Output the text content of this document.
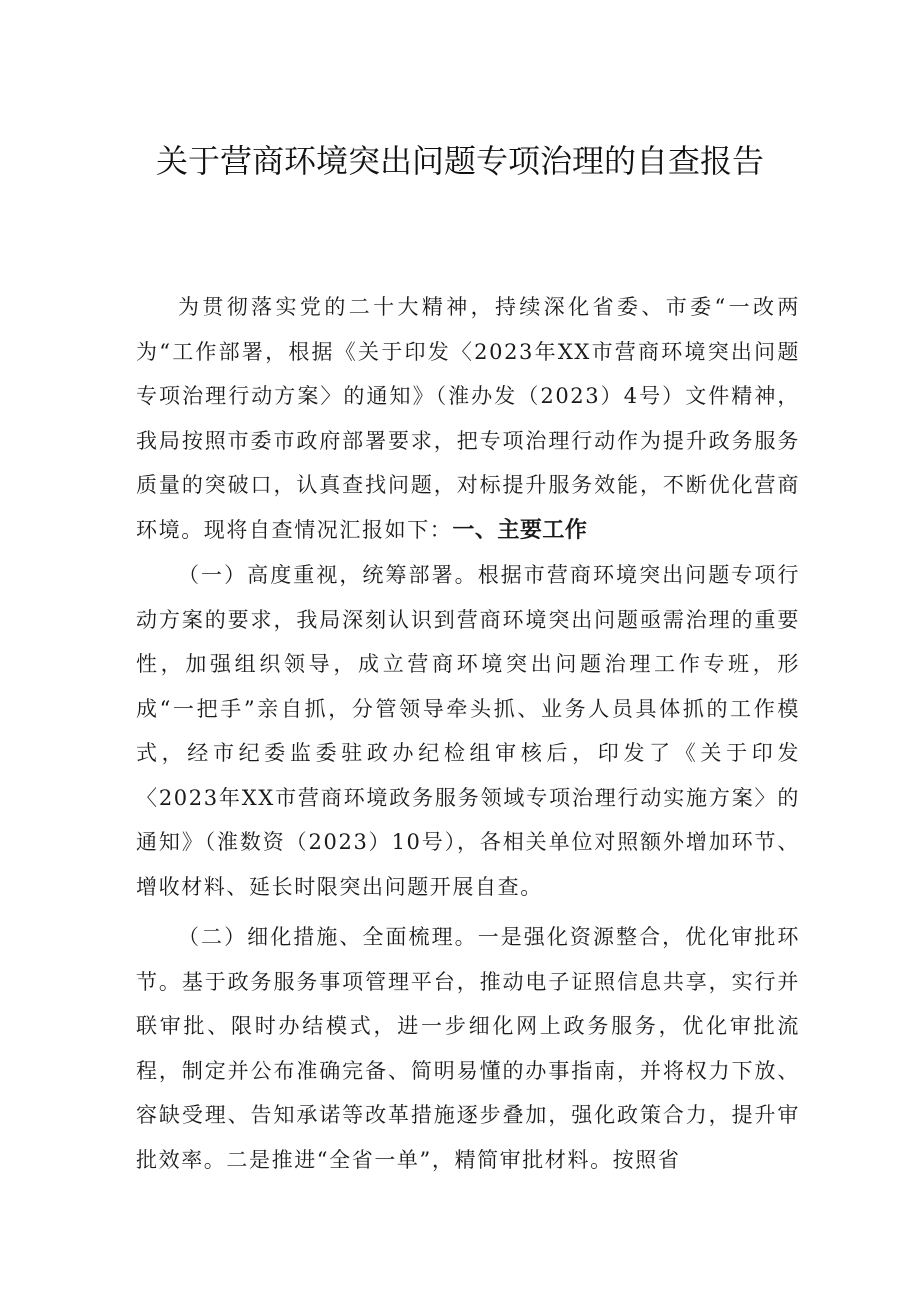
关于营商环境突出问题专项治理的自查报告

为贯彻落实党的二十大精神，持续深化省委、市委“一改两为“工作部署，根据《关于印发〈2023年XX市营商环境突出问题专项治理行动方案〉的通知》（淮办发（2023）4号）文件精神，我局按照市委市政府部署要求，把专项治理行动作为提升政务服务质量的突破口，认真查找问题，对标提升服务效能，不断优化营商环境。现将自查情况汇报如下：一、主要工作

（一）高度重视，统筹部署。根据市营商环境突出问题专项行动方案的要求，我局深刻认识到营商环境突出问题亟需治理的重要性，加强组织领导，成立营商环境突出问题治理工作专班，形成“一把手”亲自抓，分管领导牵头抓、业务人员具体抓的工作模式，经市纪委监委驻政办纪检组审核后，印发了《关于印发〈2023年XX市营商环境政务服务领域专项治理行动实施方案〉的通知》（淮数资（2023）10号），各相关单位对照额外增加环节、增收材料、延长时限突出问题开展自查。

（二）细化措施、全面梳理。一是强化资源整合，优化审批环节。基于政务服务事项管理平台，推动电子证照信息共享，实行并联审批、限时办结模式，进一步细化网上政务服务，优化审批流程，制定并公布准确完备、简明易懂的办事指南，并将权力下放、容缺受理、告知承诺等改革措施逐步叠加，强化政策合力，提升审批效率。二是推进“全省一单”，精简审批材料。按照省
